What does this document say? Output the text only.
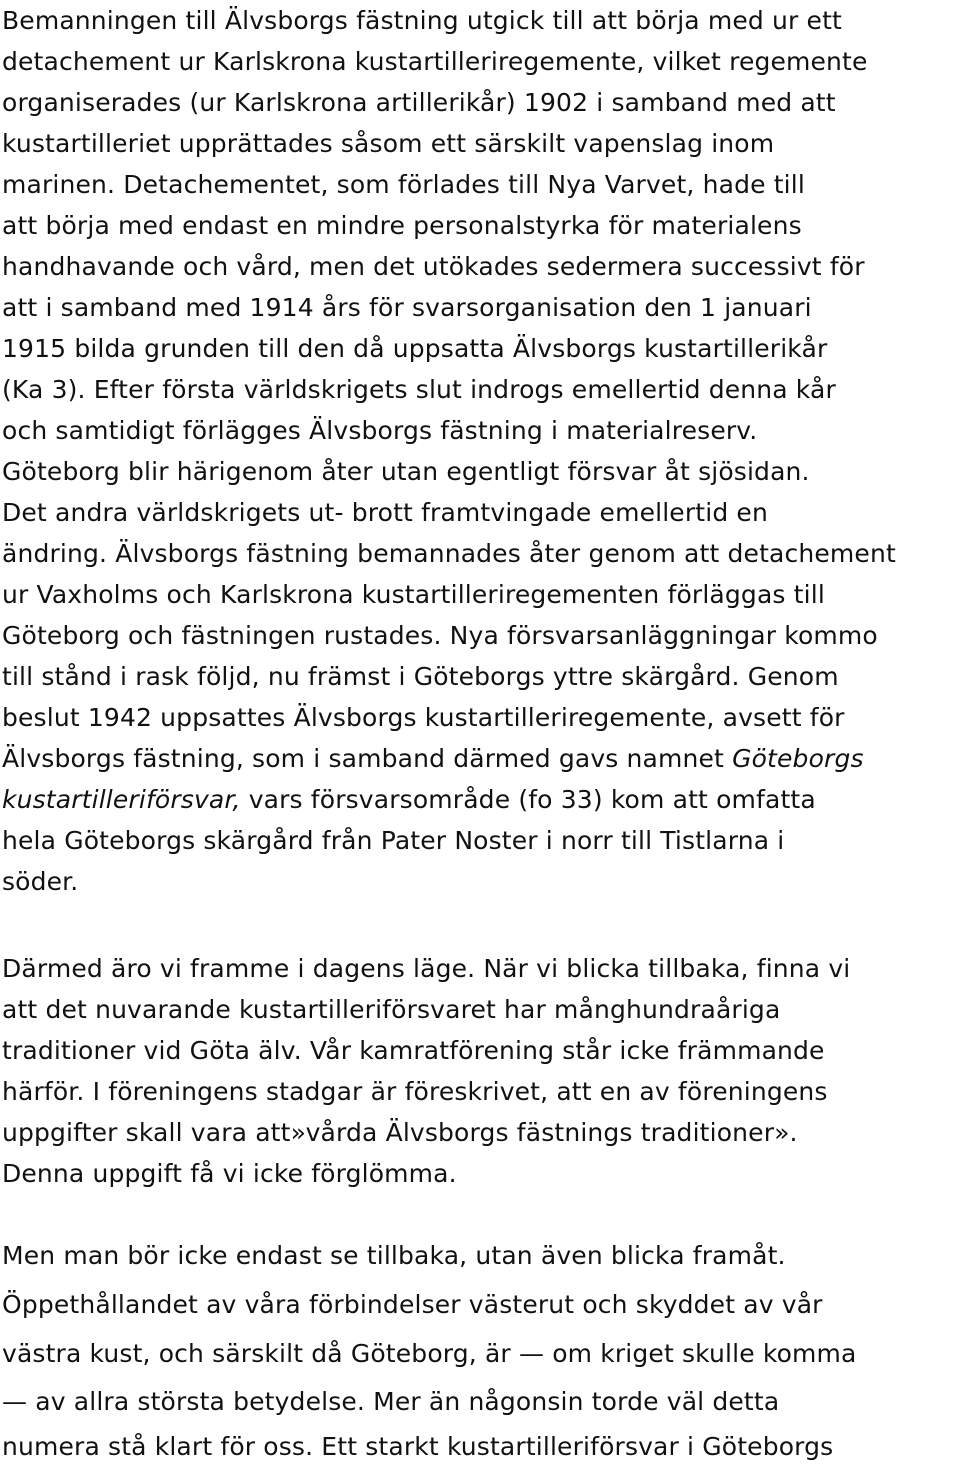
Bemanningen till Älvsborgs fästning utgick till att börja med ur ett
detachement ur Karlskrona kustartilleriregemente, vilket regemente
organiserades (ur Karlskrona artillerikår) 1902 i samband med att
kustartilleriet upprättades såsom ett särskilt vapenslag inom
marinen. Detachementet, som förlades till Nya Varvet, hade till
att börja med endast en mindre personalstyrka för materialens
handhavande och vård, men det utökades sedermera successivt för
att i samband med 1914 års för svarsorganisation den 1 januari
1915 bilda grunden till den då uppsatta Älvsborgs kustartillerikår
(Ka 3). Efter första världskrigets slut indrogs emellertid denna kår
och samtidigt förlägges Älvsborgs fästning i materialreserv.
Göteborg blir härigenom åter utan egentligt försvar åt sjösidan.
Det andra världskrigets ut- brott framtvingade emellertid en
ändring. Älvsborgs fästning bemannades åter genom att detachement
ur Vaxholms och Karlskrona kustartilleriregementen förläggas till
Göteborg och fästningen rustades. Nya försvarsanläggningar kommo
till stånd i rask följd, nu främst i Göteborgs yttre skärgård. Genom
beslut 1942 uppsattes Älvsborgs kustartilleriregemente, avsett för
Älvsborgs fästning, som i samband därmed gavs namnet Göteborgs
kustartilleriförsvar, vars försvarsområde (fo 33) kom att omfatta
hela Göteborgs skärgård från Pater Noster i norr till Tistlarna i
söder.
Därmed äro vi framme i dagens läge. När vi blicka tillbaka, finna vi
att det nuvarande kustartilleriförsvaret har månghundraåriga
traditioner vid Göta älv. Vår kamratförening står icke främmande
härför. I föreningens stadgar är föreskrivet, att en av föreningens
uppgifter skall vara att»vårda Älvsborgs fästnings traditioner».
Denna uppgift få vi icke förglömma.
Men man bör icke endast se tillbaka, utan även blicka framåt.
Öppethållandet av våra förbindelser västerut och skyddet av vår
västra kust, och särskilt då Göteborg, är — om kriget skulle komma
— av allra största betydelse. Mer än någonsin torde väl detta
numera stå klart för oss. Ett starkt kustartilleriförsvar i Göteborgs
